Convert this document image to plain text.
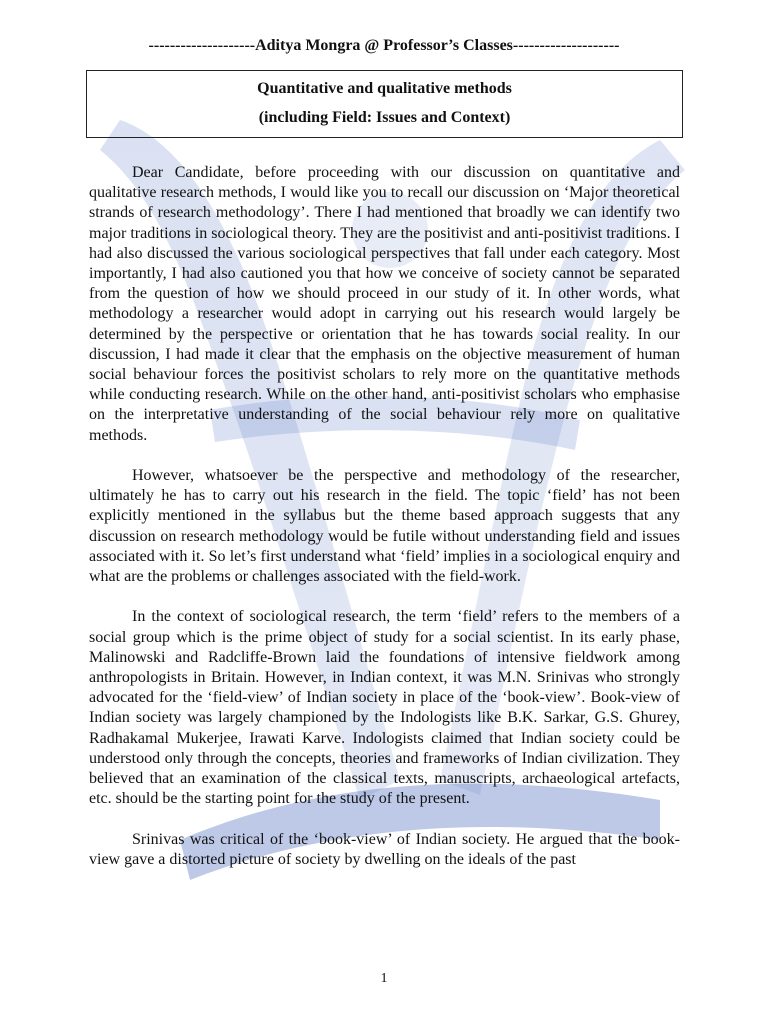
--------------------Aditya Mongra @ Professor’s Classes--------------------
Quantitative and qualitative methods
(including Field: Issues and Context)

Dear Candidate, before proceeding with our discussion on quantitative and qualitative research methods, I would like you to recall our discussion on ‘Major theoretical strands of research methodology’. There I had mentioned that broadly we can identify two major traditions in sociological theory. They are the positivist and anti-positivist traditions. I had also discussed the various sociological perspectives that fall under each category. Most importantly, I had also cautioned you that how we conceive of society cannot be separated from the question of how we should proceed in our study of it. In other words, what methodology a researcher would adopt in carrying out his research would largely be determined by the perspective or orientation that he has towards social reality. In our discussion, I had made it clear that the emphasis on the objective measurement of human social behaviour forces the positivist scholars to rely more on the quantitative methods while conducting research. While on the other hand, anti-positivist scholars who emphasise on the interpretative understanding of the social behaviour rely more on qualitative methods.

However, whatsoever be the perspective and methodology of the researcher, ultimately he has to carry out his research in the field. The topic ‘field’ has not been explicitly mentioned in the syllabus but the theme based approach suggests that any discussion on research methodology would be futile without understanding field and issues associated with it. So let’s first understand what ‘field’ implies in a sociological enquiry and what are the problems or challenges associated with the field-work.

In the context of sociological research, the term ‘field’ refers to the members of a social group which is the prime object of study for a social scientist. In its early phase, Malinowski and Radcliffe-Brown laid the foundations of intensive fieldwork among anthropologists in Britain. However, in Indian context, it was M.N. Srinivas who strongly advocated for the ‘field-view’ of Indian society in place of the ‘book-view’. Book-view of Indian society was largely championed by the Indologists like B.K. Sarkar, G.S. Ghurey, Radhakamal Mukerjee, Irawati Karve. Indologists claimed that Indian society could be understood only through the concepts, theories and frameworks of Indian civilization. They believed that an examination of the classical texts, manuscripts, archaeological artefacts, etc. should be the starting point for the study of the present.

Srinivas was critical of the ‘book-view’ of Indian society. He argued that the book-view gave a distorted picture of society by dwelling on the ideals of the past

1
